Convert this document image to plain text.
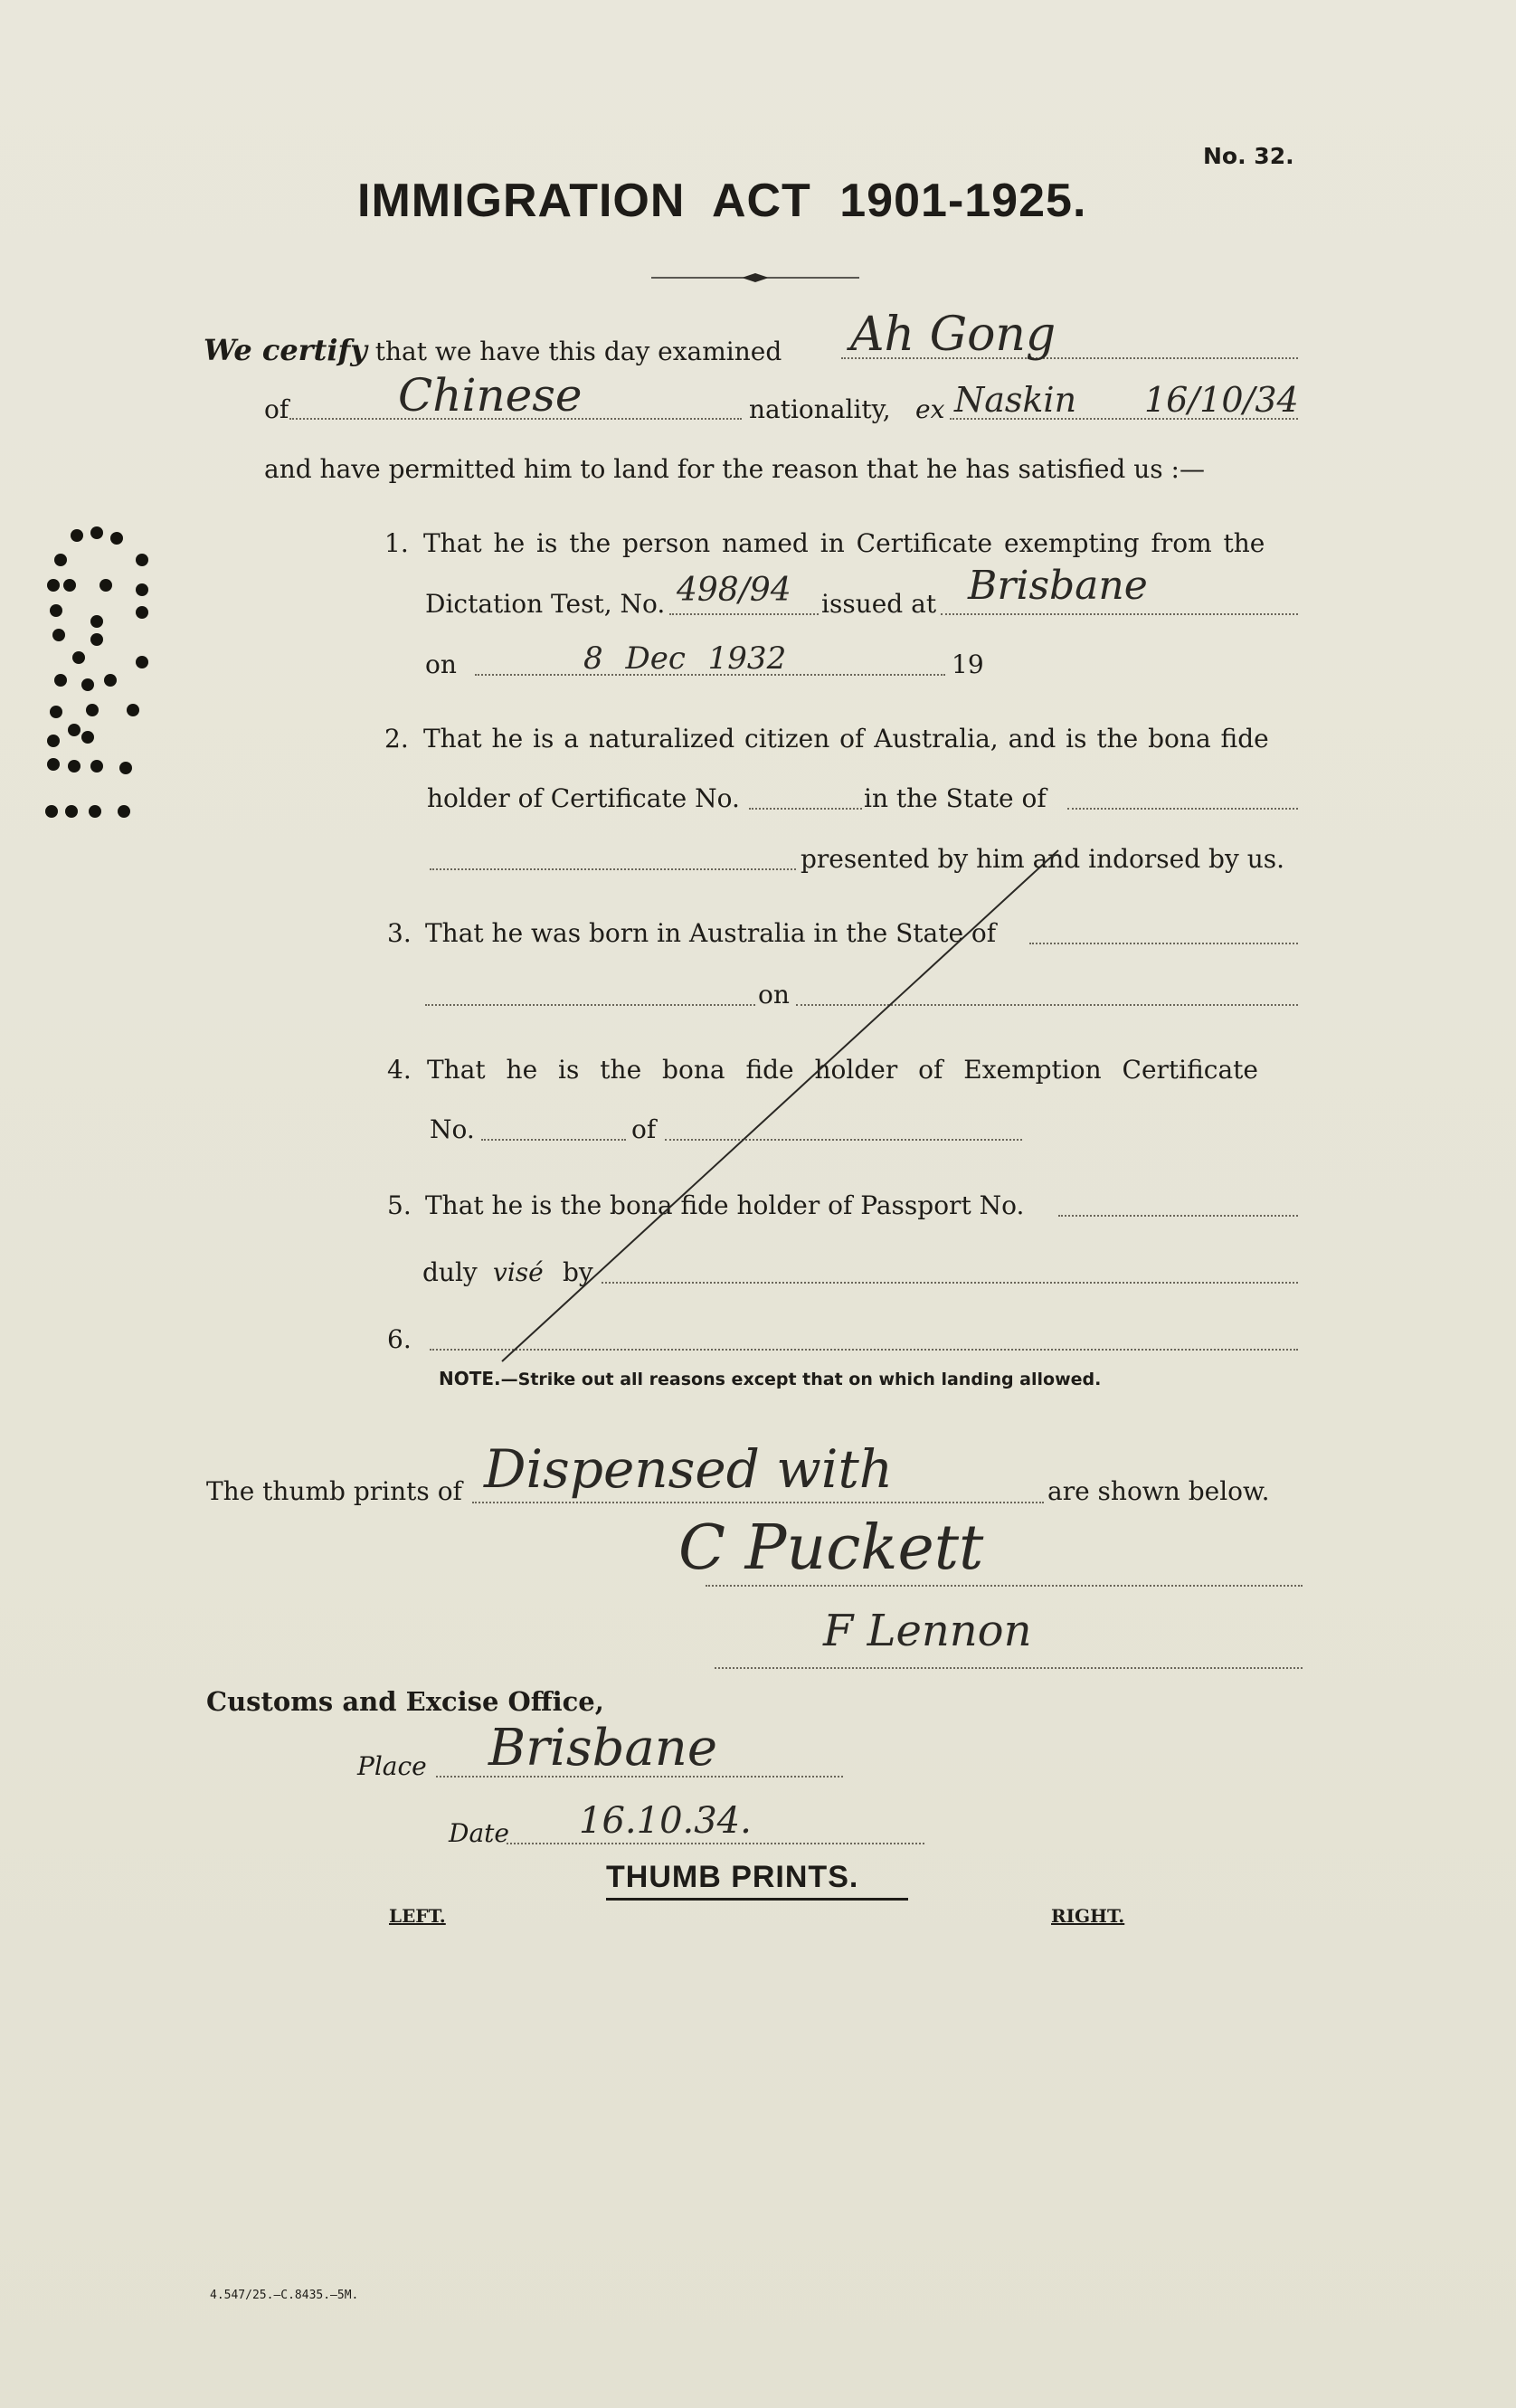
No. 32.
IMMIGRATION ACT 1901-1925.
We certify that we have this day examined Ah Gong
of Chinese	nationality, ex Naskin 16/10/34
and have permitted him to land for the reason that he has satisfied us :—
1. That he is the person named in Certificate exempting from the
Dictation Test, No. 498/94 issued at Brisbane
on	8 Dec 1932	19
2. That he is a naturalized citizen of Australia, and is the bona fide
holder of Certificate No.	in the State of
presented by him and indorsed by us.
3. That he was born in Australia in the State of
on
4. That he is the bona fide holder of Exemption Certificate
No.	of
5. That he is the bona fide holder of Passport No.
duly visé by
6.
NOTE.—Strike out all reasons except that on which landing allowed.
The thumb prints of Dispensed with	are shown below.
C Puckett
F Lennon
Customs and Excise Office,
Place Brisbane
Date 16.10.34.
THUMB PRINTS.
LEFT.	RIGHT.
4.547/25.—C.8435.—5M.
